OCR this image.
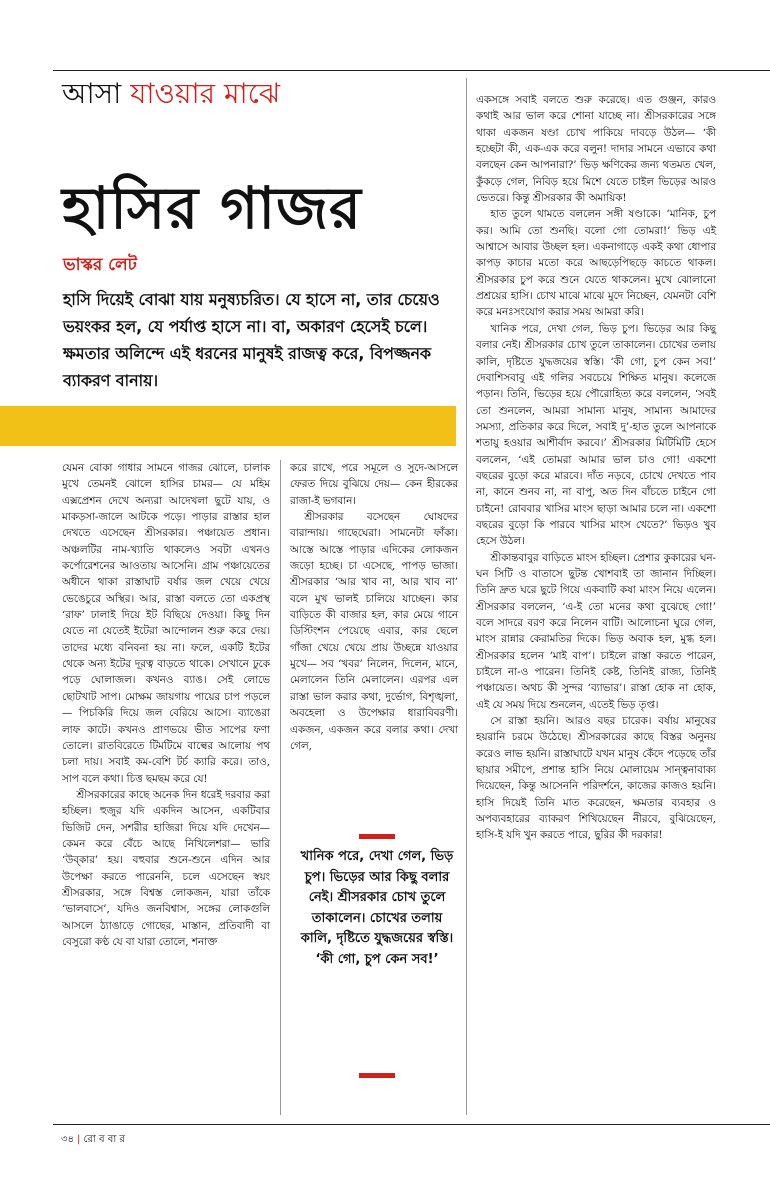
আসা যাওয়ার মাঝে
হাসির গাজর
ভাস্কর লেট

হাসি দিয়েই বোঝা যায় মনুষ্যচরিত। যে হাসে না, তার চেয়েও ভয়ংকর হল, যে পর্যাপ্ত হাসে না। বা, অকারণ হেসেই চলে। ক্ষমতার অলিন্দে এই ধরনের মানুষই রাজত্ব করে, বিপজ্জনক ব্যাকরণ বানায়।

যেমন বোকা গাধার সামনে গাজর ঝোলে, চালাক মুখে তেমনই ঝোলে হাসির চামর— যে মহিম এক্সপ্রেশন দেখে অন্যরা আদেখলা ছুটে যায়, ও মাকড়সা-জালে আটকে পড়ে। পাড়ার রাস্তার হাল দেখতে এসেছেন শ্রীসরকার। পঞ্চায়েত প্রধান। অঞ্চলটির নাম-খ্যাতি থাকলেও সবটা এখনও কর্পোরেশনের আওতায় আসেনি। গ্রাম পঞ্চায়েতের অধীনে থাকা রাস্তাঘাট বর্ষার জল খেয়ে খেয়ে ভেঙেচুরে অস্থির। আর, রাস্তা বলতে তো একপ্রস্থ ‘রাফ’ ঢালাই দিয়ে ইট বিছিয়ে দেওয়া। কিছু দিন যেতে না যেতেই ইটেরা আন্দোলন শুরু করে দেয়। তাদের মধ্যে বনিবনা হয় না। ফলে, একটি ইটের থেকে অন্য ইটের দূরত্ব বাড়তে থাকে। সেখানে ঢুকে পড়ে ঘোলাজল। কখনও ব্যাঙ। সেই লোভে ছোটখাট সাপ। মোক্ষম জায়গায় পায়ের চাপ পড়লে— পিচকিরি দিয়ে জল বেরিয়ে আসে। ব্যাঙেরা লাফ কাটে। কখনও প্রাণভয়ে ভীত সাপের ফণা তোলে। রাতবিরেতে টিমটিমে বাল্বের আলোয় পথ চলা দায়। সবাই কম-বেশি টর্চ ক্যারি করে। তাও, সাপ বলে কথা। চিত্ত ছমছম করে যে!

শ্রীসরকারের কাছে অনেক দিন ধরেই দরবার করা হচ্ছিল। হুজুর যদি একদিন আসেন, একটিবার ভিজিট দেন, সশরীর হাজিরা দিয়ে যদি দেখেন— কেমন করে বেঁচে আছে নিখিলেশরা— ভারি ‘উব্‌কার’ হয়। বহুবার শুনে-শুনে এদিন আর উপেক্ষা করতে পারেননি, চলে এসেছেন স্বয়ং শ্রীসরকার, সঙ্গে বিশ্বস্ত লোকজন, যারা তাঁকে ‘ভালবাসে’, যদিও জনবিশ্বাস, সঙ্গের লোকগুলি আসলে ঠ্যাঙাড়ে গোছের, মাস্তান, প্রতিবাদী বা বেসুরো কণ্ঠ যে বা যারা তোলে, শনাক্ত

করে রাখে, পরে সমূলে ও সুদে-আসলে ফেরত দিয়ে বুঝিয়ে দেয়— কেন হীরকের রাজা-ই ভগবান।

শ্রীসরকার বসেছেন ঘোষদের বারান্দায়। গাছেঘেরা। সামনেটা ফাঁকা। আস্তে আস্তে পাড়ার এদিকের লোকজন জড়ো হচ্ছে। চা এসেছে, পাপড় ভাজা। শ্রীসরকার ‘আর খাব না, আর খাব না’ বলে মুখ ভালই চালিয়ে যাচ্ছেন। কার বাড়িতে কী বাজার হল, কার মেয়ে গানে ডিস্টিংশন পেয়েছে এবার, কার ছেলে গাঁজা খেয়ে খেয়ে প্রায় উচ্ছন্নে যাওয়ার মুখে— সব ‘খবর’ নিলেন, দিলেন, মানে, মেলালেন তিনি মেলালেন। এরপর এল রাস্তা ভাল করার কথা, দুর্ভোগ, বিশৃঙ্খলা, অবহেলা ও উপেক্ষার ধারাবিবরণী। একজন, একজন করে বলার কথা। দেখা গেল,

খানিক পরে, দেখা গেল, ভিড় চুপ। ভিড়ের আর কিছু বলার নেই। শ্রীসরকার চোখ তুলে তাকালেন। চোখের তলায় কালি, দৃষ্টিতে যুদ্ধজয়ের স্বস্তি। ‘কী গো, চুপ কেন সব!’

একসঙ্গে সবাই বলতে শুরু করেছে। এত গুঞ্জন, কারও কথাই আর ভাল করে শোনা যাচ্ছে না। শ্রীসরকারের সঙ্গে থাকা একজন ষণ্ডা চোখ পাকিয়ে দাবড়ে উঠল— ‘কী হচ্ছেটা কী, এক-এক করে বলুন! দাদার সামনে এভাবে কথা বলছেন কেন আপনারা?’ ভিড় ক্ষণিকের জন্য থতমত খেল, কুঁকড়ে গেল, নিবিড় হয়ে মিশে যেতে চাইল ভিড়ের আরও ভেতরে। কিন্তু শ্রীসরকার কী অমায়িক!

হাত তুলে থামতে বললেন সঙ্গী ষণ্ডাকে। ‘মানিক, চুপ কর। আমি তো শুনছি। বলো গো তোমরা!’ ভিড় এই আশ্বাসে আবার উচ্ছল হল। একনাগাড়ে একই কথা ধোপার কাপড় কাচার মতো করে আছড়েপিছড়ে কাচতে থাকল। শ্রীসরকার চুপ করে শুনে যেতে থাকলেন। মুখে ঝোলানো প্রশ্রয়ের হাসি। চোখ মাঝে মাঝে মুদে নিচ্ছেন, যেমনটা বেশি করে মনঃসংযোগ করার সময় আমরা করি।

খানিক পরে, দেখা গেল, ভিড় চুপ। ভিড়ের আর কিছু বলার নেই। শ্রীসরকার চোখ তুলে তাকালেন। চোখের তলায় কালি, দৃষ্টিতে যুদ্ধজয়ের স্বস্তি। ‘কী গো, চুপ কেন সব!’ দেবাশিসবাবু এই গলির সবচেয়ে শিক্ষিত মানুষ। কলেজে পড়ান। তিনি, ভিড়ের হয়ে পৌরোহিত্য করে বললেন, ‘সবই তো শুনলেন, আমরা সামান্য মানুষ, সামান্য আমাদের সমস্যা, প্রতিকার করে দিলে, সবাই দু’-হাত তুলে আপনাকে শতায়ু হওয়ার আশীর্বাদ করবে।’ শ্রীসরকার মিটিমিটি হেসে বললেন, ‘এই তোমরা আমার ভাল চাও গো! একশো বছরের বুড়ো করে মারবে। দাঁত নড়বে, চোখে দেখতে পাব না, কানে শুনব না, না বাপু, অত দিন বাঁচতে চাইনে গো চাইনে! রোববার খাসির মাংস ছাড়া আমার চলে না। একশো বছরের বুড়ো কি পারবে খাসির মাংস খেতে?’ ভিড়ও খুব হেসে উঠল।

শ্রীকান্তবাবুর বাড়িতে মাংস হচ্ছিল। প্রেশার কুকারের ঘন-ঘন সিটি ও বাতাসে ছুটন্ত খোশবাই তা জানান দিচ্ছিল। তিনি দ্রুত ঘরে ছুটে গিয়ে একবাটি কষা মাংস নিয়ে এলেন। শ্রীসরকার বললেন, ‘এ-ই তো মনের কথা বুঝেছে গো!’ বলে সাদরে বরণ করে নিলেন বাটি। আলোচনা ঘুরে গেল, মাংস রান্নার কেরামতির দিকে। ভিড় অবাক হল, মুগ্ধ হল। শ্রীসরকার হলেন ‘মাই বাপ’। চাইলে রাস্তা করতে পারেন, চাইলে না-ও পারেন। তিনিই কেষ্ট, তিনিই রাজ্য, তিনিই পঞ্চায়েত। অথচ কী সুন্দর ‘ব্যাভার’। রাস্তা হোক না হোক, এই যে সময় দিয়ে শুনলেন, এতেই ভিড় তৃপ্ত।

সে রাস্তা হয়নি। আরও বছর চারেক। বর্ষায় মানুষের হয়রানি চরমে উঠেছে। শ্রীসরকারের কাছে বিস্তর অনুনয় করেও লাভ হয়নি। রাস্তাঘাটে যখন মানুষ কেঁদে পড়েছে তাঁর ছায়ার সমীপে, প্রশান্ত হাসি নিয়ে মোলায়েম সান্ত্বনাবাক্য দিয়েছেন, কিন্তু আসেননি পরিদর্শনে, কাজের কাজও হয়নি। হাসি দিয়েই তিনি মাত করেছেন, ক্ষমতার ব্যবহার ও অপব্যবহারের ব্যাকরণ শিখিয়েছেন নীরবে, বুঝিয়েছেন, হাসি-ই যদি খুন করতে পারে, ছুরির কী দরকার!

৩৪ | রো ব বা র
